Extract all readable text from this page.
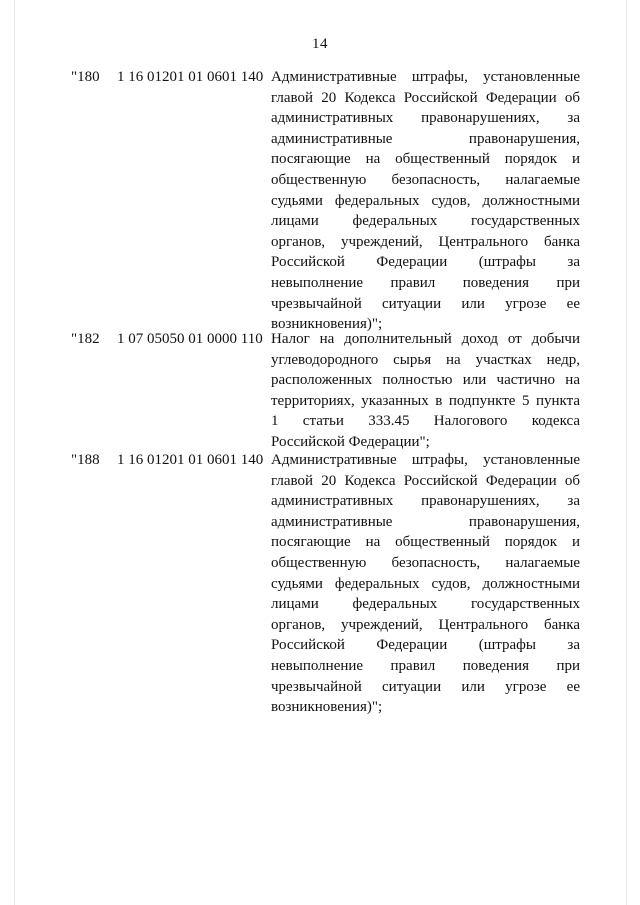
14
"180 1 16 01201 01 0601 140 Административные штрафы, установленные
главой 20 Кодекса Российской Федерации об
административных правонарушениях, за
административные правонарушения,
посягающие на общественный порядок и
общественную безопасность, налагаемые
судьями федеральных судов, должностными
лицами федеральных государственных
органов, учреждений, Центрального банка
Российской Федерации (штрафы за
невыполнение правил поведения при
чрезвычайной ситуации или угрозе ее
возникновения)";
"182 1 07 05050 01 0000 110 Налог на дополнительный доход от добычи
углеводородного сырья на участках недр,
расположенных полностью или частично на
территориях, указанных в подпункте 5 пункта
1 статьи 333.45 Налогового кодекса
Российской Федерации";
"188 1 16 01201 01 0601 140 Административные штрафы, установленные
главой 20 Кодекса Российской Федерации об
административных правонарушениях, за
административные правонарушения,
посягающие на общественный порядок и
общественную безопасность, налагаемые
судьями федеральных судов, должностными
лицами федеральных государственных
органов, учреждений, Центрального банка
Российской Федерации (штрафы за
невыполнение правил поведения при
чрезвычайной ситуации или угрозе ее
возникновения)";
